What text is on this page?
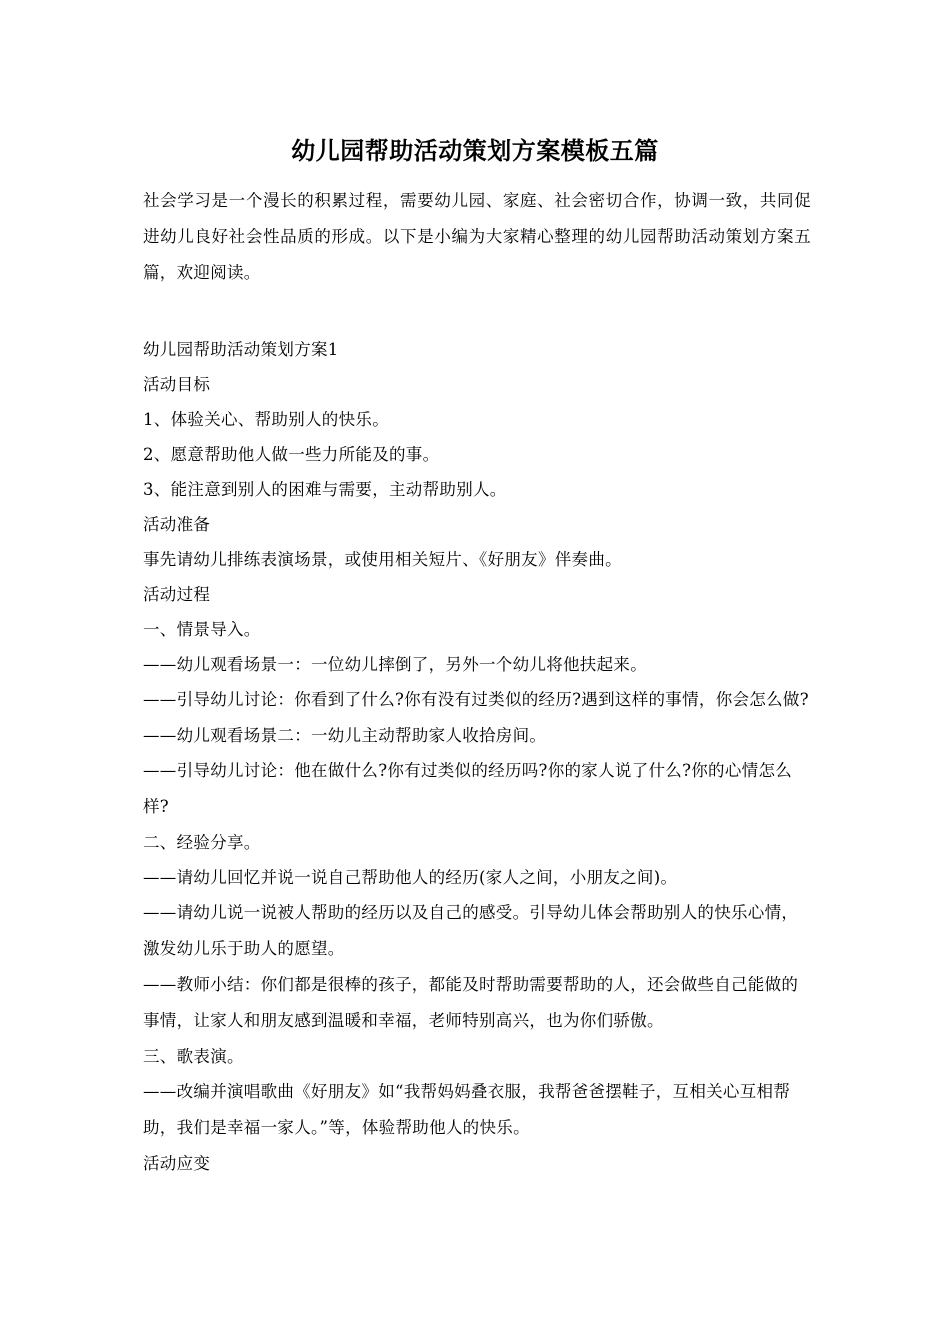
幼儿园帮助活动策划方案模板五篇

社会学习是一个漫长的积累过程，需要幼儿园、家庭、社会密切合作，协调一致，共同促进幼儿良好社会性品质的形成。以下是小编为大家精心整理的幼儿园帮助活动策划方案五篇，欢迎阅读。

幼儿园帮助活动策划方案1

活动目标

1、体验关心、帮助别人的快乐。

2、愿意帮助他人做一些力所能及的事。

3、能注意到别人的困难与需要，主动帮助别人。

活动准备

事先请幼儿排练表演场景，或使用相关短片、《好朋友》伴奏曲。

活动过程

一、情景导入。

——幼儿观看场景一：一位幼儿摔倒了，另外一个幼儿将他扶起来。

——引导幼儿讨论：你看到了什么?你有没有过类似的经历?遇到这样的事情，你会怎么做?

——幼儿观看场景二：一幼儿主动帮助家人收拾房间。

——引导幼儿讨论：他在做什么?你有过类似的经历吗?你的家人说了什么?你的心情怎么样?

二、经验分享。

——请幼儿回忆并说一说自己帮助他人的经历(家人之间，小朋友之间)。

——请幼儿说一说被人帮助的经历以及自己的感受。引导幼儿体会帮助别人的快乐心情，激发幼儿乐于助人的愿望。

——教师小结：你们都是很棒的孩子，都能及时帮助需要帮助的人，还会做些自己能做的事情，让家人和朋友感到温暖和幸福，老师特别高兴，也为你们骄傲。

三、歌表演。

——改编并演唱歌曲《好朋友》如“我帮妈妈叠衣服，我帮爸爸摆鞋子，互相关心互相帮助，我们是幸福一家人。”等，体验帮助他人的快乐。

活动应变
